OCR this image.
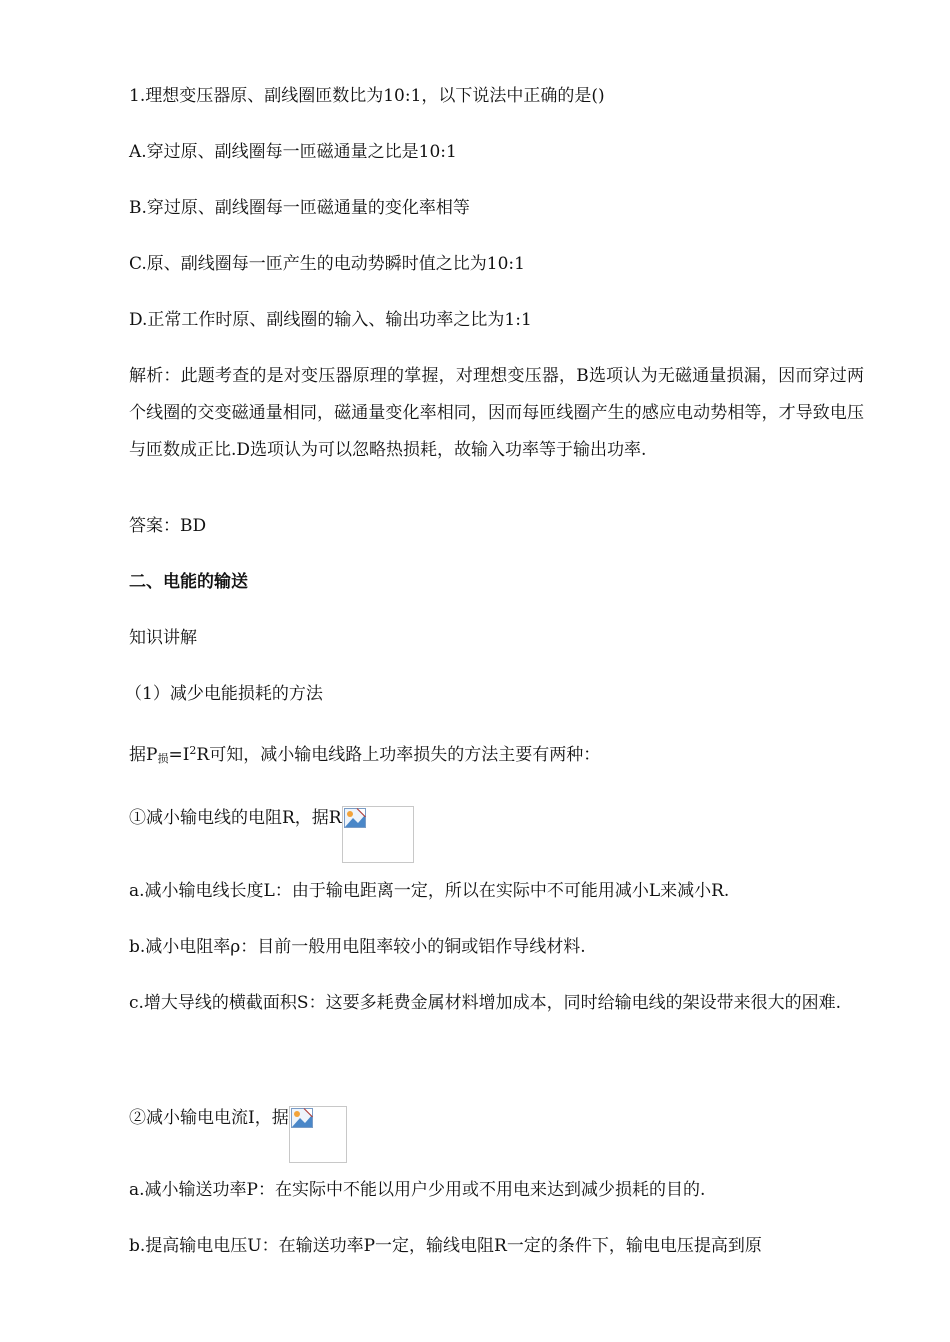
1.理想变压器原、副线圈匝数比为10:1，以下说法中正确的是()
A.穿过原、副线圈每一匝磁通量之比是10:1
B.穿过原、副线圈每一匝磁通量的变化率相等
C.原、副线圈每一匝产生的电动势瞬时值之比为10:1
D.正常工作时原、副线圈的输入、输出功率之比为1:1
解析：此题考查的是对变压器原理的掌握，对理想变压器，B选项认为无磁通量损漏，因而穿过两个线圈的交变磁通量相同，磁通量变化率相同，因而每匝线圈产生的感应电动势相等，才导致电压与匝数成正比.D选项认为可以忽略热损耗，故输入功率等于输出功率.
答案：BD
二、电能的输送
知识讲解
（1）减少电能损耗的方法
据$P_损=I^2R$可知，减小输电线路上功率损失的方法主要有两种：
①减小输电线的电阻R，据R
a.减小输电线长度L：由于输电距离一定，所以在实际中不可能用减小L来减小R.
b.减小电阻率ρ：目前一般用电阻率较小的铜或铝作导线材料.
c.增大导线的横截面积S：这要多耗费金属材料增加成本，同时给输电线的架设带来很大的困难.
②减小输电电流I，据
a.减小输送功率P：在实际中不能以用户少用或不用电来达到减少损耗的目的.
b.提高输电电压U：在输送功率P一定，输线电阻R一定的条件下，输电电压提高到原
